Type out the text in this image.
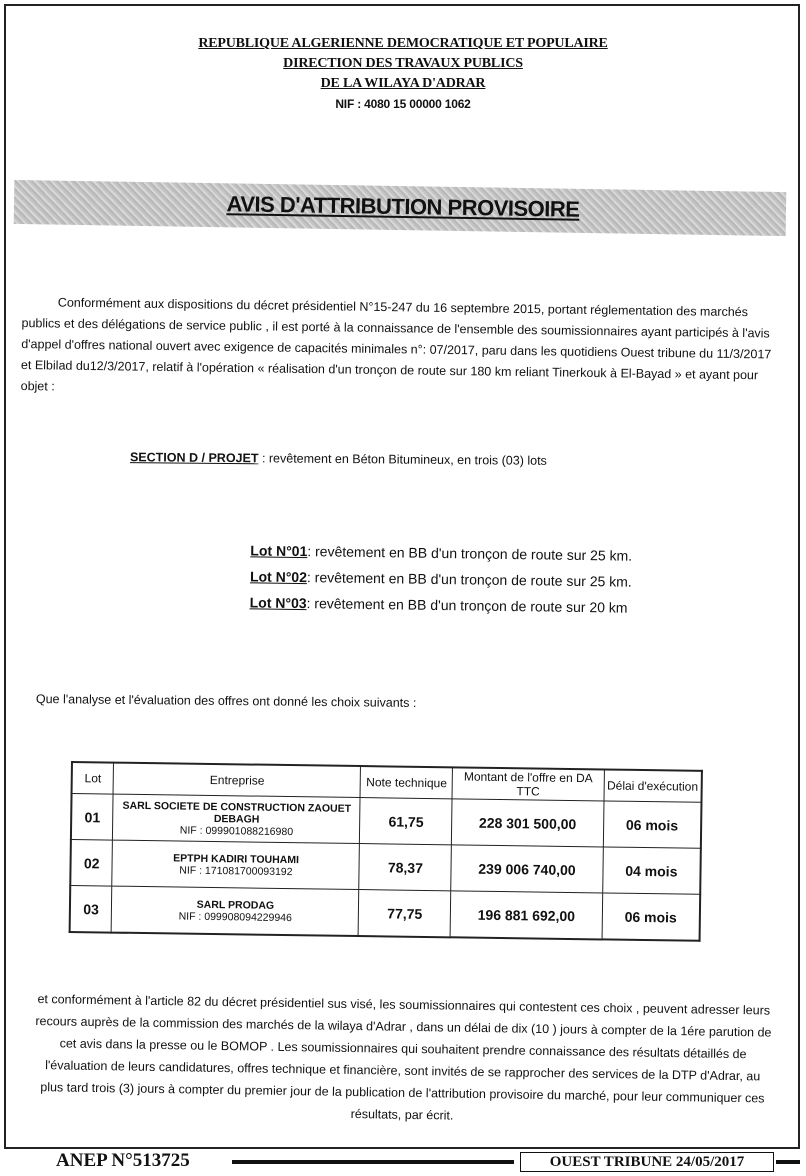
REPUBLIQUE ALGERIENNE DEMOCRATIQUE ET POPULAIRE
DIRECTION DES TRAVAUX PUBLICS
DE LA WILAYA D'ADRAR
NIF : 4080 15 00000 1062
AVIS D'ATTRIBUTION PROVISOIRE
Conformément aux dispositions du décret présidentiel N°15-247 du 16 septembre 2015, portant réglementation des marchés publics et des délégations de service public , il est porté à la connaissance de l'ensemble des soumissionnaires ayant participés à l'avis d'appel d'offres national ouvert avec exigence de capacités minimales n°: 07/2017, paru dans les quotidiens Ouest tribune du 11/3/2017 et Elbilad du12/3/2017, relatif à l'opération « réalisation d'un tronçon de route sur 180 km reliant Tinerkouk à El-Bayad » et ayant pour objet :
SECTION D / PROJET : revêtement en Béton Bitumineux, en trois (03) lots
Lot N°01: revêtement en BB d'un tronçon de route sur 25 km.
Lot N°02: revêtement en BB d'un tronçon de route sur 25 km.
Lot N°03: revêtement en BB d'un tronçon de route sur 20 km
Que l'analyse et l'évaluation des offres ont donné les choix suivants :
Lot	Entreprise	Note technique	Montant de l'offre en DA TTC	Délai d'exécution
01	SARL SOCIETE DE CONSTRUCTION ZAOUET DEBAGH
NIF : 099901088216980	61,75	228 301 500,00	06 mois
02	EPTPH KADIRI TOUHAMI
NIF : 171081700093192	78,37	239 006 740,00	04 mois
03	SARL PRODAG
NIF : 099908094229946	77,75	196 881 692,00	06 mois
et conformément à l'article 82 du décret présidentiel sus visé, les soumissionnaires qui contestent ces choix , peuvent adresser leurs recours auprès de la commission des marchés de la wilaya d'Adrar , dans un délai de dix (10 ) jours à compter de la 1ére parution de cet avis dans la presse ou le BOMOP . Les soumissionnaires qui souhaitent prendre connaissance des résultats détaillés de l'évaluation de leurs candidatures, offres technique et financière, sont invités de se rapprocher des services de la DTP d'Adrar, au plus tard trois (3) jours à compter du premier jour de la publication de l'attribution provisoire du marché, pour leur communiquer ces résultats, par écrit.
ANEP N°513725	OUEST TRIBUNE 24/05/2017
